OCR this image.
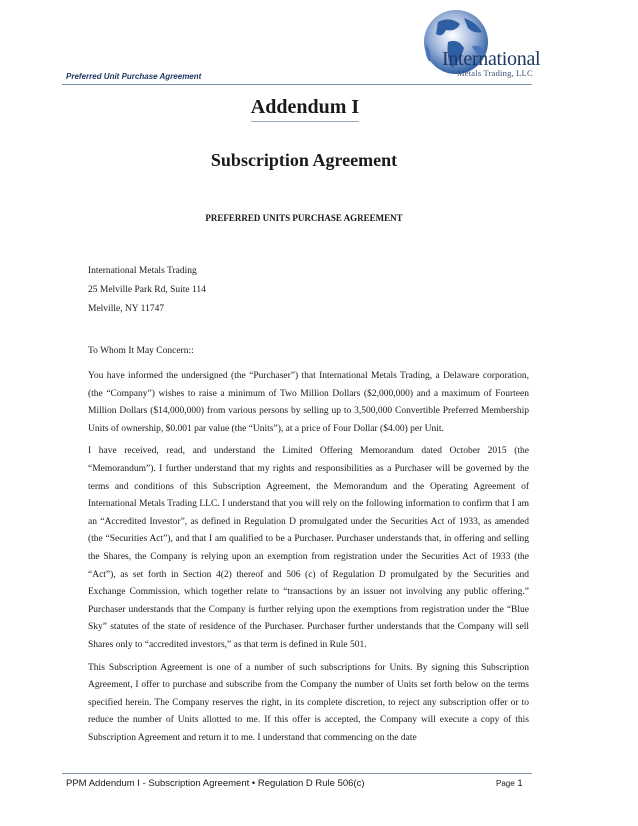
Preferred Unit Purchase Agreement
International
Metals Trading, LLC
Addendum I
Subscription Agreement
PREFERRED UNITS PURCHASE AGREEMENT
International Metals Trading
25 Melville Park Rd, Suite 114
Melville, NY 11747
To Whom It May Concern::

You have informed the undersigned (the “Purchaser”) that International Metals Trading, a Delaware corporation, (the “Company”) wishes to raise a minimum of Two Million Dollars ($2,000,000) and a maximum of Fourteen Million Dollars ($14,000,000) from various persons by selling up to 3,500,000 Convertible Preferred Membership Units of ownership, $0.001 par value (the “Units”), at a price of Four Dollar ($4.00) per Unit.

I have received, read, and understand the Limited Offering Memorandum dated October 2015 (the “Memorandum”). I further understand that my rights and responsibilities as a Purchaser will be governed by the terms and conditions of this Subscription Agreement, the Memorandum and the Operating Agreement of International Metals Trading LLC. I understand that you will rely on the following information to confirm that I am an “Accredited Investor”, as defined in Regulation D promulgated under the Securities Act of 1933, as amended (the “Securities Act”), and that I am qualified to be a Purchaser. Purchaser understands that, in offering and selling the Shares, the Company is relying upon an exemption from registration under the Securities Act of 1933 (the “Act”), as set forth in Section 4(2) thereof and 506 (c) of Regulation D promulgated by the Securities and Exchange Commission, which together relate to “transactions by an issuer not involving any public offering.” Purchaser understands that the Company is further relying upon the exemptions from registration under the “Blue Sky” statutes of the state of residence of the Purchaser. Purchaser further understands that the Company will sell Shares only to “accredited investors,” as that term is defined in Rule 501.

This Subscription Agreement is one of a number of such subscriptions for Units. By signing this Subscription Agreement, I offer to purchase and subscribe from the Company the number of Units set forth below on the terms specified herein. The Company reserves the right, in its complete discretion, to reject any subscription offer or to reduce the number of Units allotted to me. If this offer is accepted, the Company will execute a copy of this Subscription Agreement and return it to me. I understand that commencing on the date

PPM Addendum I - Subscription Agreement • Regulation D Rule 506(c)	Page 1
